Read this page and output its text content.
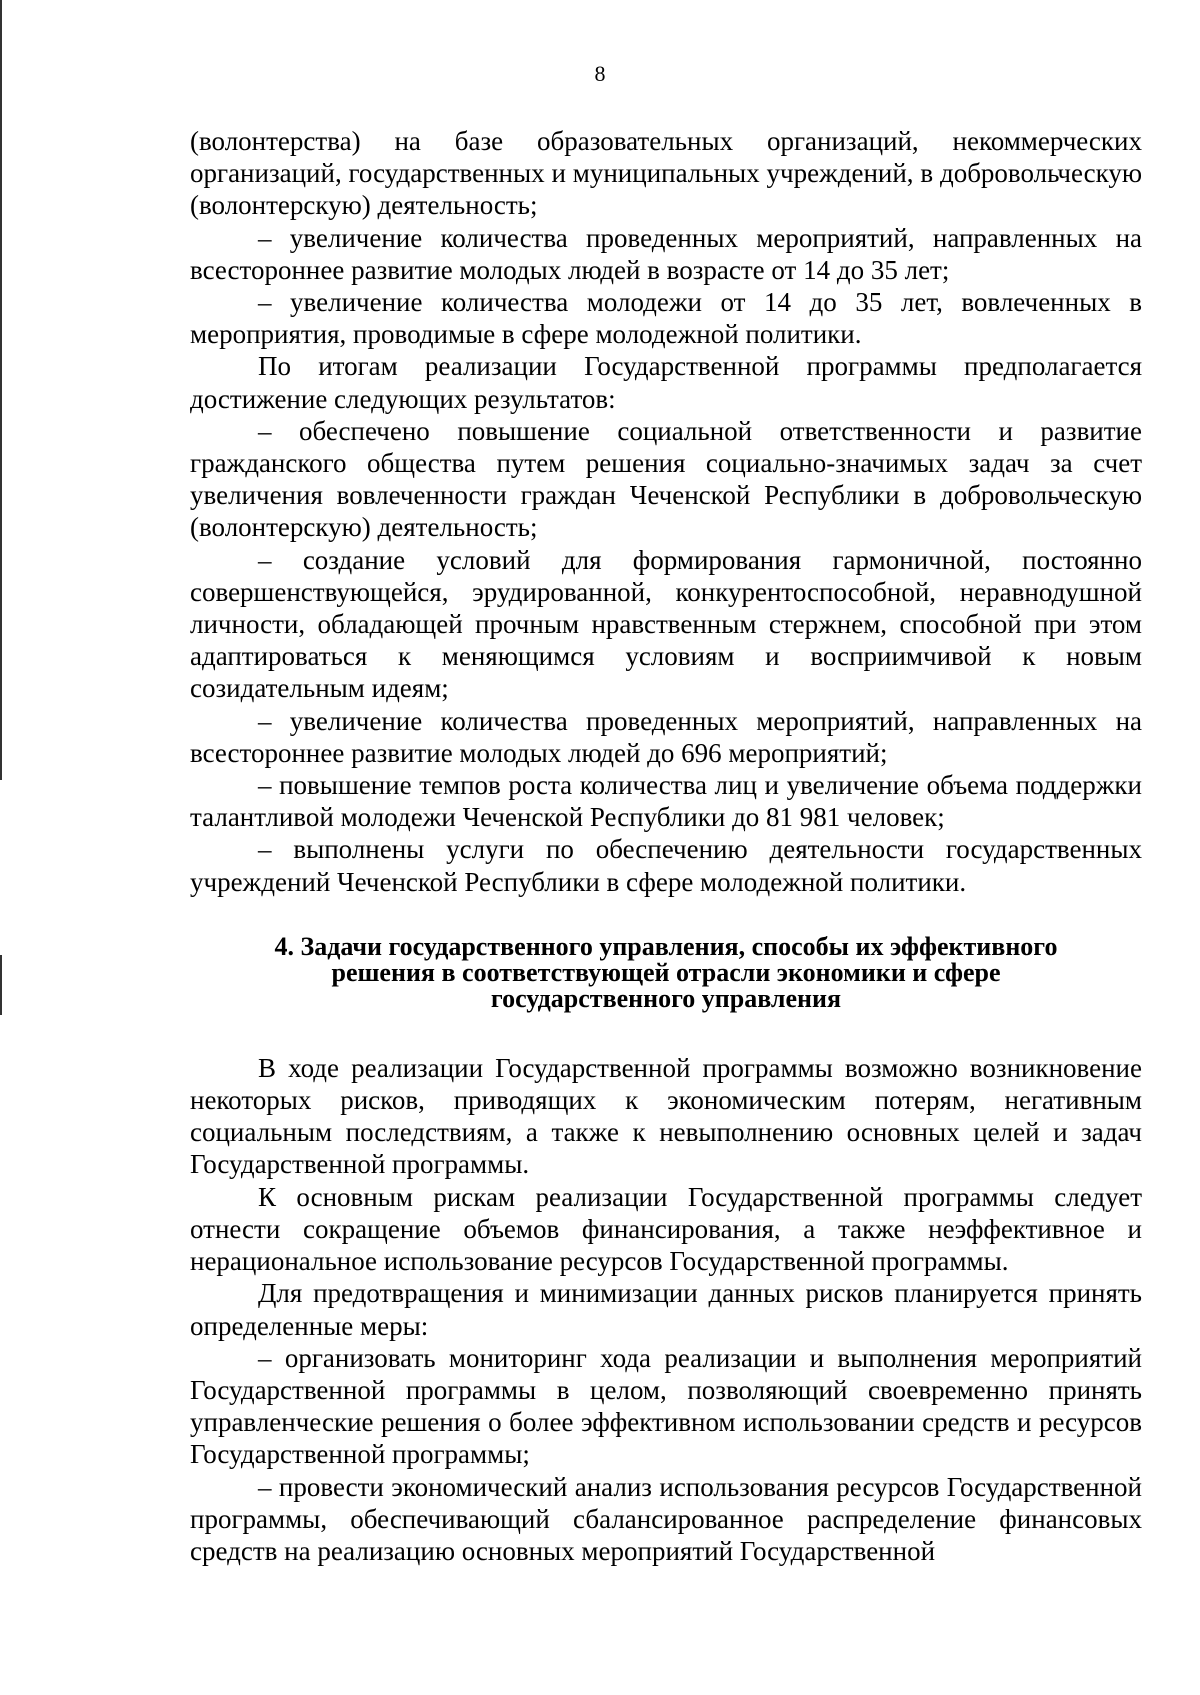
8

(волонтерства) на базе образовательных организаций, некоммерческих организаций, государственных и муниципальных учреждений, в добровольческую (волонтерскую) деятельность;

– увеличение количества проведенных мероприятий, направленных на всестороннее развитие молодых людей в возрасте от 14 до 35 лет;

– увеличение количества молодежи от 14 до 35 лет, вовлеченных в мероприятия, проводимые в сфере молодежной политики.

По итогам реализации Государственной программы предполагается достижение следующих результатов:

– обеспечено повышение социальной ответственности и развитие гражданского общества путем решения социально-значимых задач за счет увеличения вовлеченности граждан Чеченской Республики в добровольческую (волонтерскую) деятельность;

– создание условий для формирования гармоничной, постоянно совершенствующейся, эрудированной, конкурентоспособной, неравнодушной личности, обладающей прочным нравственным стержнем, способной при этом адаптироваться к меняющимся условиям и восприимчивой к новым созидательным идеям;

– увеличение количества проведенных мероприятий, направленных на всестороннее развитие молодых людей до 696 мероприятий;

– повышение темпов роста количества лиц и увеличение объема поддержки талантливой молодежи Чеченской Республики до 81 981 человек;

– выполнены услуги по обеспечению деятельности государственных учреждений Чеченской Республики в сфере молодежной политики.

4. Задачи государственного управления, способы их эффективного решения в соответствующей отрасли экономики и сфере государственного управления

В ходе реализации Государственной программы возможно возникновение некоторых рисков, приводящих к экономическим потерям, негативным социальным последствиям, а также к невыполнению основных целей и задач Государственной программы.

К основным рискам реализации Государственной программы следует отнести сокращение объемов финансирования, а также неэффективное и нерациональное использование ресурсов Государственной программы.

Для предотвращения и минимизации данных рисков планируется принять определенные меры:

– организовать мониторинг хода реализации и выполнения мероприятий Государственной программы в целом, позволяющий своевременно принять управленческие решения о более эффективном использовании средств и ресурсов Государственной программы;

– провести экономический анализ использования ресурсов Государственной программы, обеспечивающий сбалансированное распределение финансовых средств на реализацию основных мероприятий Государственной
